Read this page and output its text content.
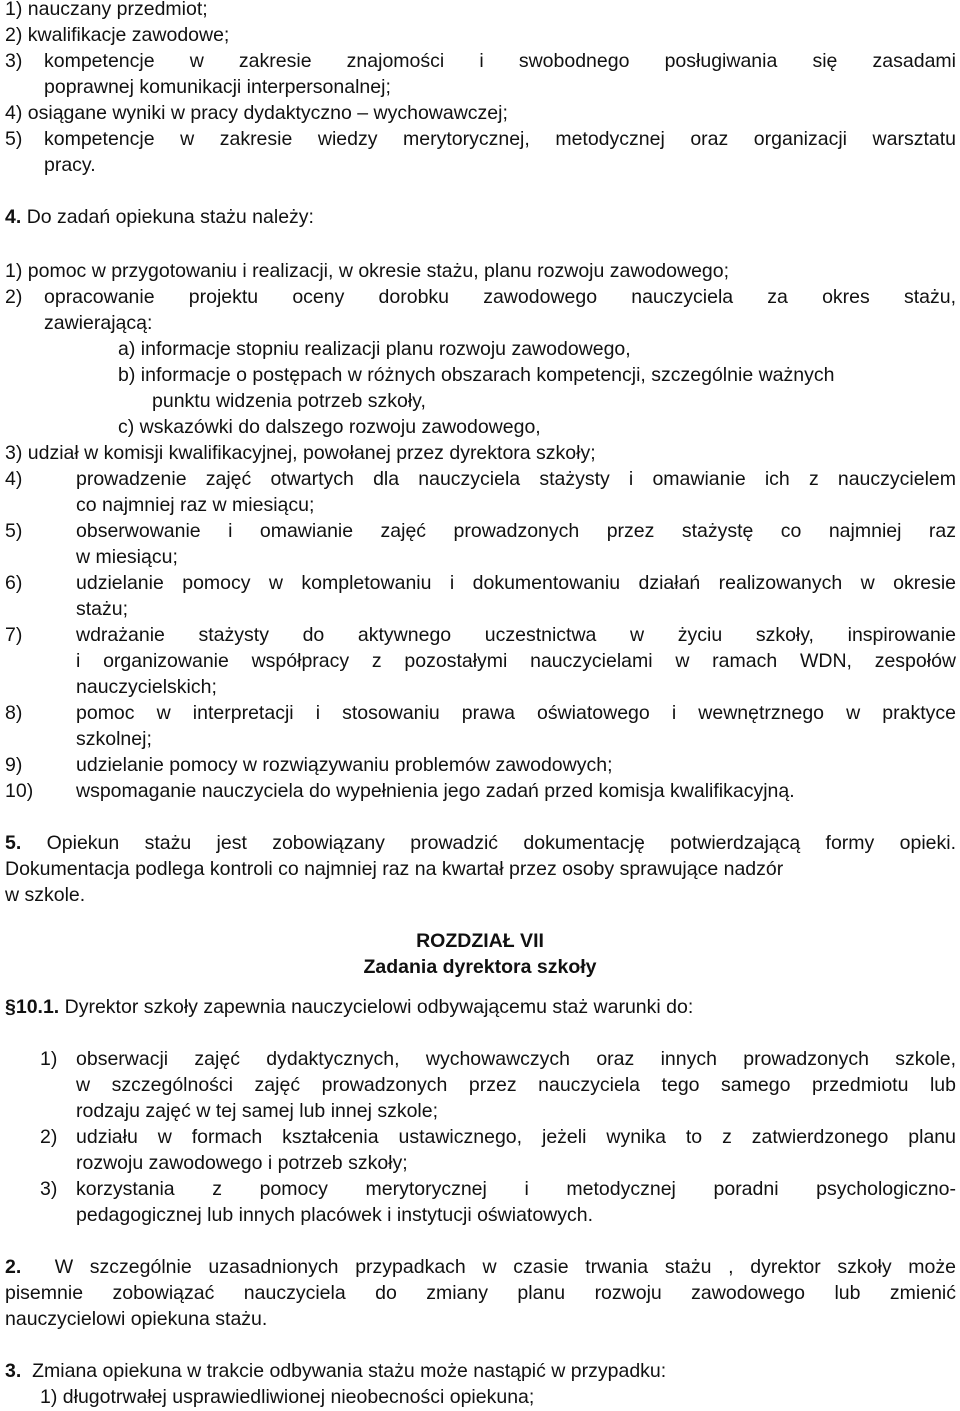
1) nauczany przedmiot;
2) kwalifikacje zawodowe;
3) kompetencje w zakresie znajomości i swobodnego posługiwania się zasadami
poprawnej komunikacji interpersonalnej;
4) osiągane wyniki w pracy dydaktyczno – wychowawczej;
5) kompetencje w zakresie wiedzy merytorycznej, metodycznej oraz organizacji warsztatu
pracy.
4. Do zadań opiekuna stażu należy:
1) pomoc w przygotowaniu i realizacji, w okresie stażu, planu rozwoju zawodowego;
2) opracowanie projektu oceny dorobku zawodowego nauczyciela za okres stażu,
zawierającą:
a) informacje stopniu realizacji planu rozwoju zawodowego,
b) informacje o postępach w różnych obszarach kompetencji, szczególnie ważnych
punktu widzenia potrzeb szkoły,
c) wskazówki do dalszego rozwoju zawodowego,
3) udział w komisji kwalifikacyjnej, powołanej przez dyrektora szkoły;
4)	prowadzenie zajęć otwartych dla nauczyciela stażysty i omawianie ich z nauczycielem
co najmniej raz w miesiącu;
5)	obserwowanie i omawianie zajęć prowadzonych przez stażystę co najmniej raz
w miesiącu;
6)	udzielanie pomocy w kompletowaniu i dokumentowaniu działań realizowanych w okresie
stażu;
7)	wdrażanie stażysty do aktywnego uczestnictwa w życiu szkoły, inspirowanie
i organizowanie współpracy z pozostałymi nauczycielami w ramach WDN, zespołów
nauczycielskich;
8)	pomoc w interpretacji i stosowaniu prawa oświatowego i wewnętrznego w praktyce
szkolnej;
9)	udzielanie pomocy w rozwiązywaniu problemów zawodowych;
10) wspomaganie nauczyciela do wypełnienia jego zadań przed komisja kwalifikacyjną.
5. Opiekun stażu jest zobowiązany prowadzić dokumentację potwierdzającą formy opieki.
Dokumentacja podlega kontroli co najmniej raz na kwartał przez osoby sprawujące nadzór
w szkole.
ROZDZIAŁ VII
Zadania dyrektora szkoły
§10.1. Dyrektor szkoły zapewnia nauczycielowi odbywającemu staż warunki do:
1) obserwacji zajęć dydaktycznych, wychowawczych oraz innych prowadzonych szkole,
w szczególności zajęć prowadzonych przez nauczyciela tego samego przedmiotu lub
rodzaju zajęć w tej samej lub innej szkole;
2) udziału w formach kształcenia ustawicznego, jeżeli wynika to z zatwierdzonego planu
rozwoju zawodowego i potrzeb szkoły;
3) korzystania z pomocy merytorycznej i metodycznej poradni psychologiczno-
pedagogicznej lub innych placówek i instytucji oświatowych.
2. W szczególnie uzasadnionych przypadkach w czasie trwania stażu , dyrektor szkoły może
pisemnie zobowiązać nauczyciela do zmiany planu rozwoju zawodowego lub zmienić
nauczycielowi opiekuna stażu.
3. Zmiana opiekuna w trakcie odbywania stażu może nastąpić w przypadku:
1) długotrwałej usprawiedliwionej nieobecności opiekuna;
